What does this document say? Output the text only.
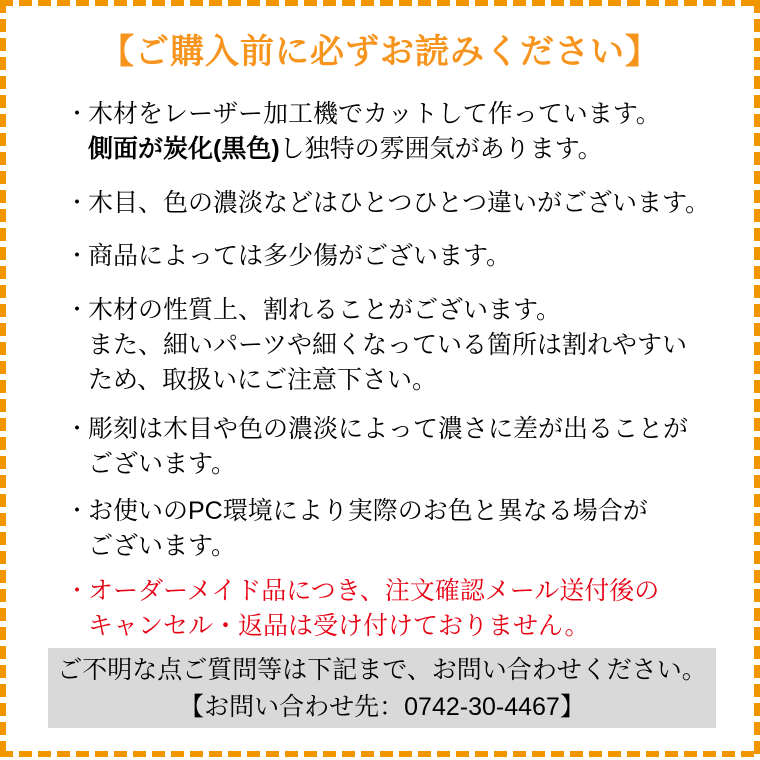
【ご購入前に必ずお読みください】
・ 木材をレーザー加工機でカットして作っています。
側面が炭化(黒色)し独特の雰囲気があります。
・ 木目、色の濃淡などはひとつひとつ違いがございます。
・ 商品によっては多少傷がございます。
・ 木材の性質上、割れることがございます。
また、細いパーツや細くなっている箇所は割れやすい
ため、取扱いにご注意下さい。
・ 彫刻は木目や色の濃淡によって濃さに差が出ることが
ございます。
・ お使いのPC環境により実際のお色と異なる場合が
ございます。
・ オーダーメイド品につき、注文確認メール送付後の
キャンセル・返品は受け付けておりません。
ご不明な点ご質問等は下記まで、お問い合わせください。
【お問い合わせ先：0742-30-4467】
